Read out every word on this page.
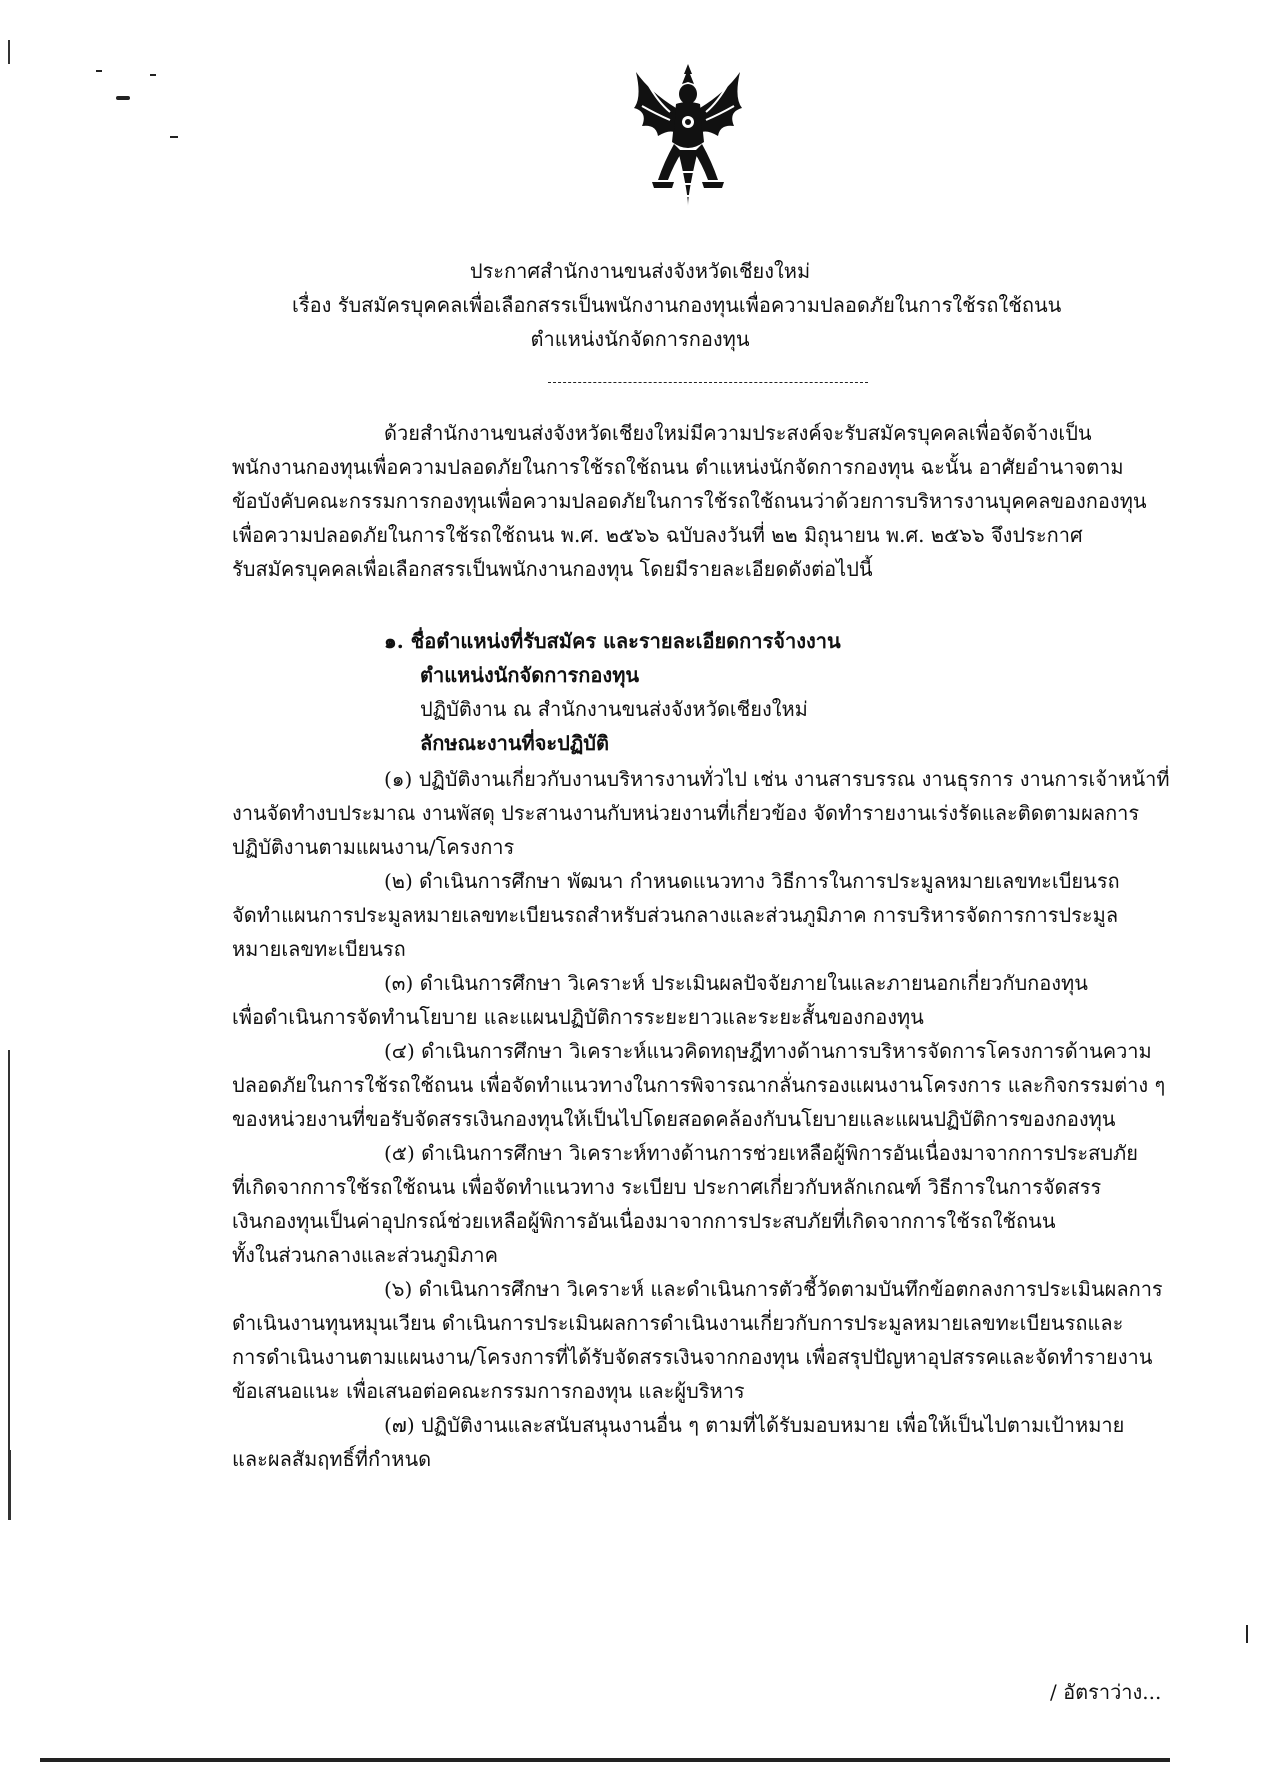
ประกาศสำนักงานขนส่งจังหวัดเชียงใหม่
เรื่อง รับสมัครบุคคลเพื่อเลือกสรรเป็นพนักงานกองทุนเพื่อความปลอดภัยในการใช้รถใช้ถนน
ตำแหน่งนักจัดการกองทุน

ด้วยสำนักงานขนส่งจังหวัดเชียงใหม่มีความประสงค์จะรับสมัครบุคคลเพื่อจัดจ้างเป็น

พนักงานกองทุนเพื่อความปลอดภัยในการใช้รถใช้ถนน ตำแหน่งนักจัดการกองทุน ฉะนั้น อาศัยอำนาจตาม

ข้อบังคับคณะกรรมการกองทุนเพื่อความปลอดภัยในการใช้รถใช้ถนนว่าด้วยการบริหารงานบุคคลของกองทุน

เพื่อความปลอดภัยในการใช้รถใช้ถนน พ.ศ. ๒๕๖๖ ฉบับลงวันที่ ๒๒ มิถุนายน พ.ศ. ๒๕๖๖ จึงประกาศ

รับสมัครบุคคลเพื่อเลือกสรรเป็นพนักงานกองทุน โดยมีรายละเอียดดังต่อไปนี้

๑. ชื่อตำแหน่งที่รับสมัคร และรายละเอียดการจ้างงาน
ตำแหน่งนักจัดการกองทุน
ปฏิบัติงาน ณ สำนักงานขนส่งจังหวัดเชียงใหม่
ลักษณะงานที่จะปฏิบัติ

(๑) ปฏิบัติงานเกี่ยวกับงานบริหารงานทั่วไป เช่น งานสารบรรณ งานธุรการ งานการเจ้าหน้าที่

งานจัดทำงบประมาณ งานพัสดุ ประสานงานกับหน่วยงานที่เกี่ยวข้อง จัดทำรายงานเร่งรัดและติดตามผลการ

ปฏิบัติงานตามแผนงาน/โครงการ

(๒) ดำเนินการศึกษา พัฒนา กำหนดแนวทาง วิธีการในการประมูลหมายเลขทะเบียนรถ

จัดทำแผนการประมูลหมายเลขทะเบียนรถสำหรับส่วนกลางและส่วนภูมิภาค การบริหารจัดการการประมูล

หมายเลขทะเบียนรถ

(๓) ดำเนินการศึกษา วิเคราะห์ ประเมินผลปัจจัยภายในและภายนอกเกี่ยวกับกองทุน

เพื่อดำเนินการจัดทำนโยบาย และแผนปฏิบัติการระยะยาวและระยะสั้นของกองทุน

(๔) ดำเนินการศึกษา วิเคราะห์แนวคิดทฤษฎีทางด้านการบริหารจัดการโครงการด้านความ

ปลอดภัยในการใช้รถใช้ถนน เพื่อจัดทำแนวทางในการพิจารณากลั่นกรองแผนงานโครงการ และกิจกรรมต่าง ๆ

ของหน่วยงานที่ขอรับจัดสรรเงินกองทุนให้เป็นไปโดยสอดคล้องกับนโยบายและแผนปฏิบัติการของกองทุน

(๕) ดำเนินการศึกษา วิเคราะห์ทางด้านการช่วยเหลือผู้พิการอันเนื่องมาจากการประสบภัย

ที่เกิดจากการใช้รถใช้ถนน เพื่อจัดทำแนวทาง ระเบียบ ประกาศเกี่ยวกับหลักเกณฑ์ วิธีการในการจัดสรร

เงินกองทุนเป็นค่าอุปกรณ์ช่วยเหลือผู้พิการอันเนื่องมาจากการประสบภัยที่เกิดจากการใช้รถใช้ถนน

ทั้งในส่วนกลางและส่วนภูมิภาค

(๖) ดำเนินการศึกษา วิเคราะห์ และดำเนินการตัวชี้วัดตามบันทึกข้อตกลงการประเมินผลการ

ดำเนินงานทุนหมุนเวียน ดำเนินการประเมินผลการดำเนินงานเกี่ยวกับการประมูลหมายเลขทะเบียนรถและ

การดำเนินงานตามแผนงาน/โครงการที่ได้รับจัดสรรเงินจากกองทุน เพื่อสรุปปัญหาอุปสรรคและจัดทำรายงาน

ข้อเสนอแนะ เพื่อเสนอต่อคณะกรรมการกองทุน และผู้บริหาร

(๗) ปฏิบัติงานและสนับสนุนงานอื่น ๆ ตามที่ได้รับมอบหมาย เพื่อให้เป็นไปตามเป้าหมาย

และผลสัมฤทธิ์ที่กำหนด

/ อัตราว่าง...
